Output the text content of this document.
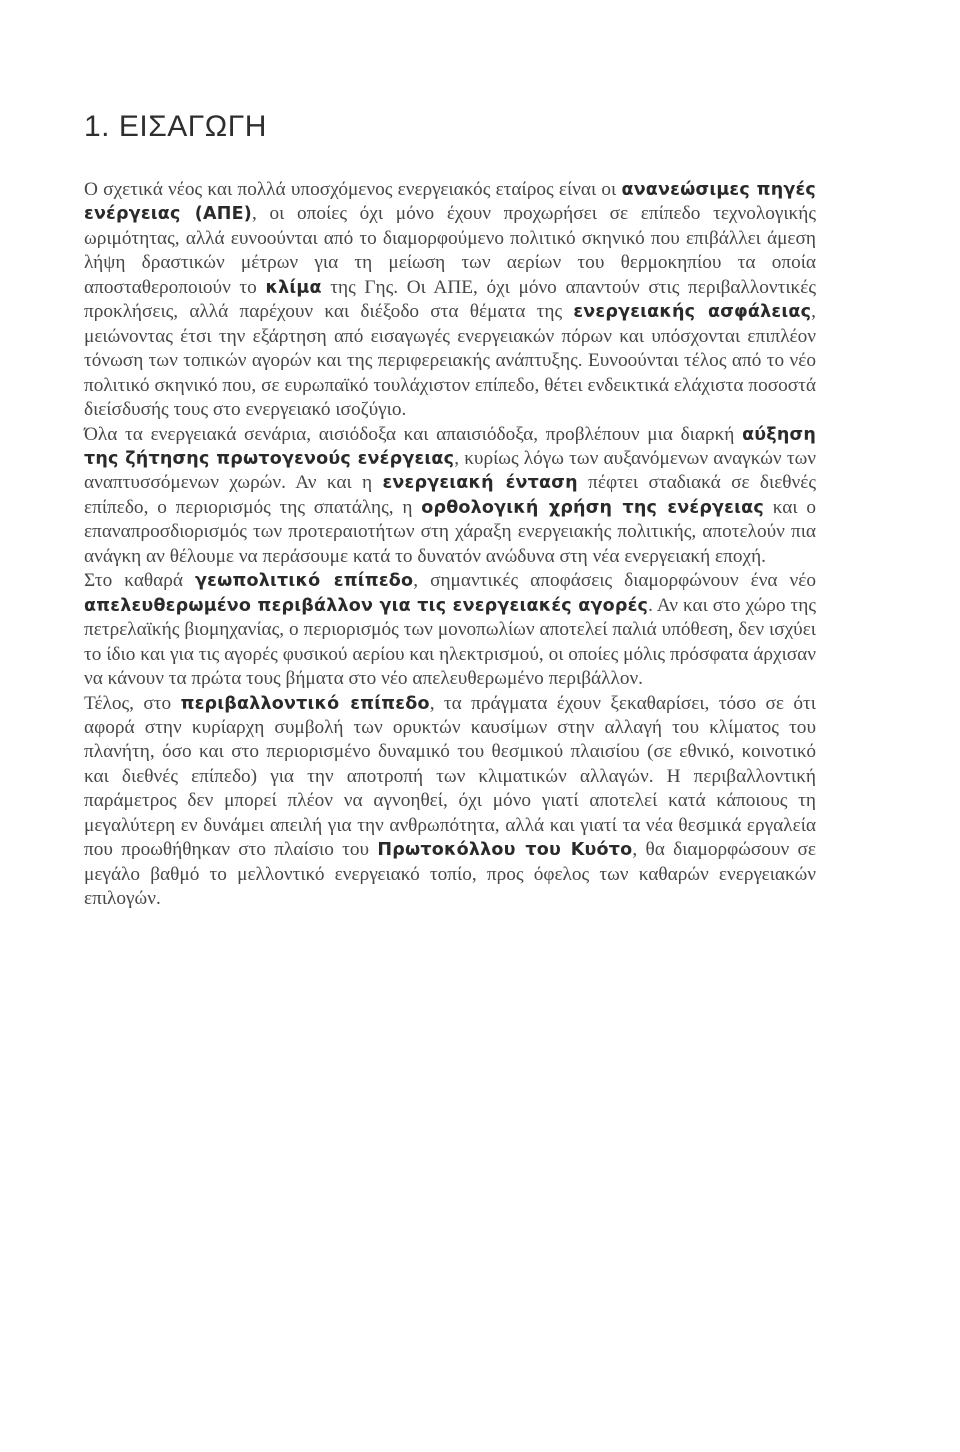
1. ΕΙΣΑΓΩΓΗ

Ο σχετικά νέος και πολλά υποσχόμενος ενεργειακός εταίρος είναι οι ανανεώσιμες πηγές ενέργειας (ΑΠΕ), οι οποίες όχι μόνο έχουν προχωρήσει σε επίπεδο τεχνολογικής ωριμότητας, αλλά ευνοούνται από το διαμορφούμενο πολιτικό σκηνικό που επιβάλλει άμεση λήψη δραστικών μέτρων για τη μείωση των αερίων του θερμοκηπίου τα οποία αποσταθεροποιούν το κλίμα της Γης. Οι ΑΠΕ, όχι μόνο απαντούν στις περιβαλλοντικές προκλήσεις, αλλά παρέχουν και διέξοδο στα θέματα της ενεργειακής ασφάλειας, μειώνοντας έτσι την εξάρτηση από εισαγωγές ενεργειακών πόρων και υπόσχονται επιπλέον τόνωση των τοπικών αγορών και της περιφερειακής ανάπτυξης. Ευνοούνται τέλος από το νέο πολιτικό σκηνικό που, σε ευρωπαϊκό τουλάχιστον επίπεδο, θέτει ενδεικτικά ελάχιστα ποσοστά διείσδυσής τους στο ενεργειακό ισοζύγιο.

Όλα τα ενεργειακά σενάρια, αισιόδοξα και απαισιόδοξα, προβλέπουν μια διαρκή αύξηση της ζήτησης πρωτογενούς ενέργειας, κυρίως λόγω των αυξανόμενων αναγκών των αναπτυσσόμενων χωρών. Αν και η ενεργειακή ένταση πέφτει σταδιακά σε διεθνές επίπεδο, ο περιορισμός της σπατάλης, η ορθολογική χρήση της ενέργειας και ο επαναπροσδιορισμός των προτεραιοτήτων στη χάραξη ενεργειακής πολιτικής, αποτελούν πια ανάγκη αν θέλουμε να περάσουμε κατά το δυνατόν ανώδυνα στη νέα ενεργειακή εποχή.

Στο καθαρά γεωπολιτικό επίπεδο, σημαντικές αποφάσεις διαμορφώνουν ένα νέο απελευθερωμένο περιβάλλον για τις ενεργειακές αγορές. Αν και στο χώρο της πετρελαϊκής βιομηχανίας, ο περιορισμός των μονοπωλίων αποτελεί παλιά υπόθεση, δεν ισχύει το ίδιο και για τις αγορές φυσικού αερίου και ηλεκτρισμού, οι οποίες μόλις πρόσφατα άρχισαν να κάνουν τα πρώτα τους βήματα στο νέο απελευθερωμένο περιβάλλον.

Τέλος, στο περιβαλλοντικό επίπεδο, τα πράγματα έχουν ξεκαθαρίσει, τόσο σε ότι αφορά στην κυρίαρχη συμβολή των ορυκτών καυσίμων στην αλλαγή του κλίματος του πλανήτη, όσο και στο περιορισμένο δυναμικό του θεσμικού πλαισίου (σε εθνικό, κοινοτικό και διεθνές επίπεδο) για την αποτροπή των κλιματικών αλλαγών. Η περιβαλλοντική παράμετρος δεν μπορεί πλέον να αγνοηθεί, όχι μόνο γιατί αποτελεί κατά κάποιους τη μεγαλύτερη εν δυνάμει απειλή για την ανθρωπότητα, αλλά και γιατί τα νέα θεσμικά εργαλεία που προωθήθηκαν στο πλαίσιο του Πρωτοκόλλου του Κυότο, θα διαμορφώσουν σε μεγάλο βαθμό το μελλοντικό ενεργειακό τοπίο, προς όφελος των καθαρών ενεργειακών επιλογών.
